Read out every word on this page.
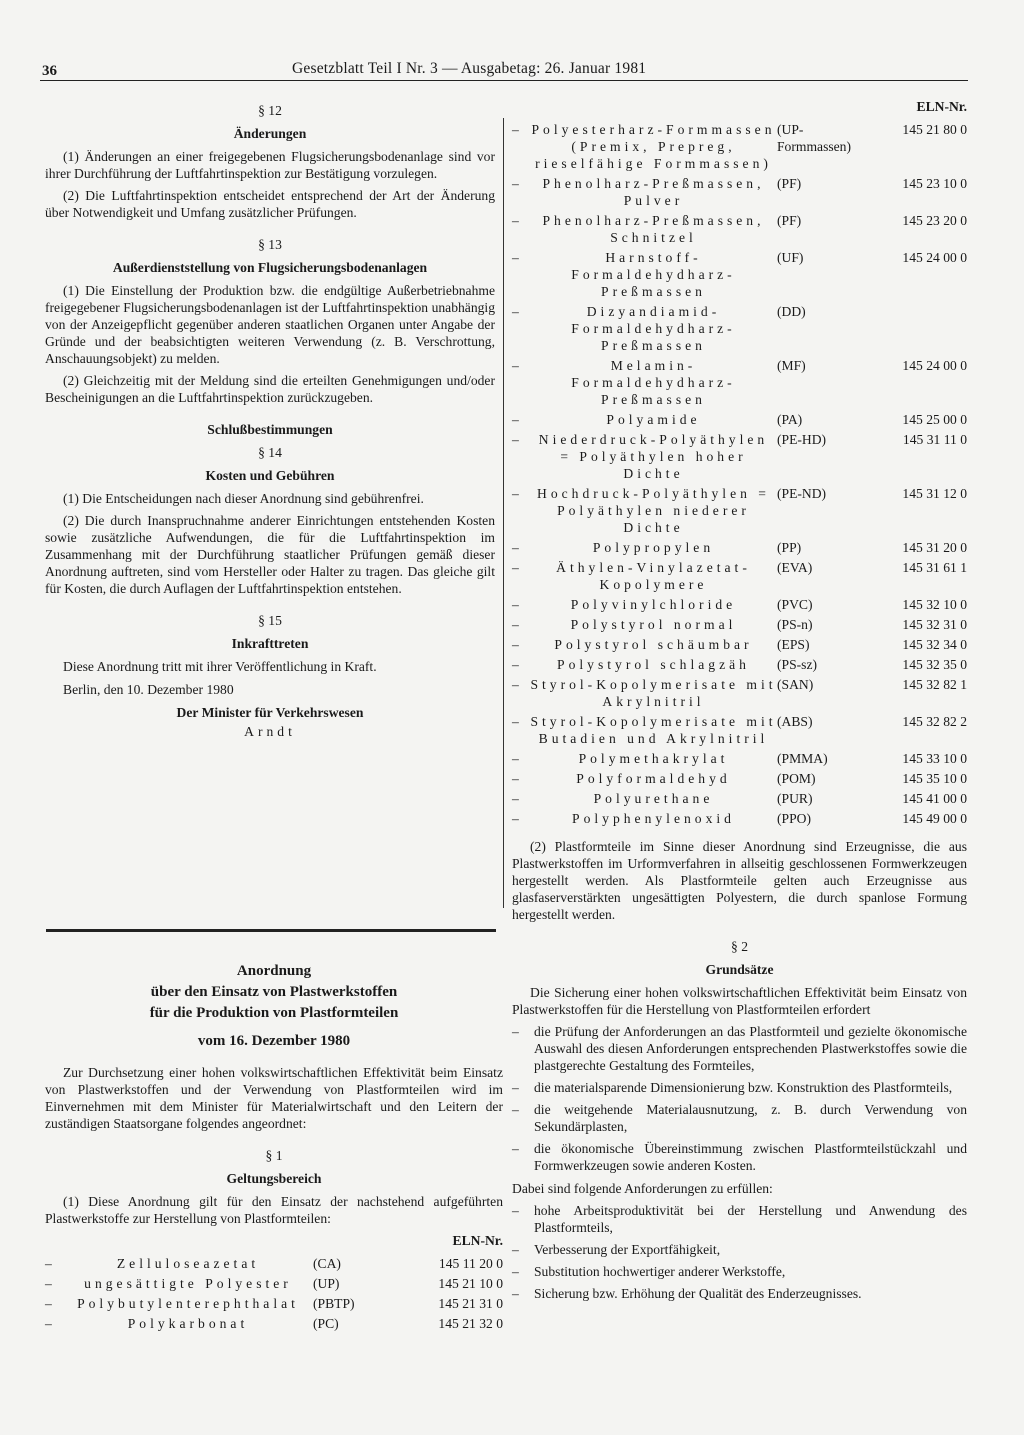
36	Gesetzblatt Teil I Nr. 3 — Ausgabetag: 26. Januar 1981
§ 12
Änderungen

(1) Änderungen an einer freigegebenen Flugsicherungsbodenanlage sind vor ihrer Durchführung der Luftfahrtinspektion zur Bestätigung vorzulegen.

(2) Die Luftfahrtinspektion entscheidet entsprechend der Art der Änderung über Notwendigkeit und Umfang zusätzlicher Prüfungen.

§ 13
Außerdienststellung von Flugsicherungsbodenanlagen

(1) Die Einstellung der Produktion bzw. die endgültige Außerbetriebnahme freigegebener Flugsicherungsbodenanlagen ist der Luftfahrtinspektion unabhängig von der Anzeigepflicht gegenüber anderen staatlichen Organen unter Angabe der Gründe und der beabsichtigten weiteren Verwendung (z. B. Verschrottung, Anschauungsobjekt) zu melden.

(2) Gleichzeitig mit der Meldung sind die erteilten Genehmigungen und/oder Bescheinigungen an die Luftfahrtinspektion zurückzugeben.

Schlußbestimmungen
§ 14
Kosten und Gebühren

(1) Die Entscheidungen nach dieser Anordnung sind gebührenfrei.

(2) Die durch Inanspruchnahme anderer Einrichtungen entstehenden Kosten sowie zusätzliche Aufwendungen, die für die Luftfahrtinspektion im Zusammenhang mit der Durchführung staatlicher Prüfungen gemäß dieser Anordnung auftreten, sind vom Hersteller oder Halter zu tragen. Das gleiche gilt für Kosten, die durch Auflagen der Luftfahrtinspektion entstehen.

§ 15
Inkrafttreten

Diese Anordnung tritt mit ihrer Veröffentlichung in Kraft.

Berlin, den 10. Dezember 1980
Der Minister für Verkehrswesen
Arndt
Anordnung
über den Einsatz von Plastwerkstoffen
für die Produktion von Plastformteilen
vom 16. Dezember 1980

Zur Durchsetzung einer hohen volkswirtschaftlichen Effektivität beim Einsatz von Plastwerkstoffen und der Verwendung von Plastformteilen wird im Einvernehmen mit dem Minister für Materialwirtschaft und den Leitern der zuständigen Staatsorgane folgendes angeordnet:

§ 1
Geltungsbereich

(1) Diese Anordnung gilt für den Einsatz der nachstehend aufgeführten Plastwerkstoffe zur Herstellung von Plastformteilen:

ELN-Nr.
–	Zelluloseazetat	(CA)	145 11 20 0
–	ungesättigte Polyester	(UP)	145 21 10 0
–	Polybutylenterephthalat	(PBTP)	145 21 31 0
–	Polykarbonat	(PC)	145 21 32 0
ELN-Nr.
–	Polyesterharz-Formmassen (Premix, Prepreg, rieselfähige Formmassen)	(UP-Formmassen)	145 21 80 0
–	Phenolharz-Preßmassen, Pulver	(PF)	145 23 10 0
–	Phenolharz-Preßmassen, Schnitzel	(PF)	145 23 20 0
–	Harnstoff-Formaldehydharz-Preßmassen	(UF)	145 24 00 0
–	Dizyandiamid-Formaldehydharz-Preßmassen	(DD)	
–	Melamin-Formaldehydharz-Preßmassen	(MF)	145 24 00 0
–	Polyamide	(PA)	145 25 00 0
–	Niederdruck-Polyäthylen = Polyäthylen hoher Dichte	(PE-HD)	145 31 11 0
–	Hochdruck-Polyäthylen = Polyäthylen niederer Dichte	(PE-ND)	145 31 12 0
–	Polypropylen	(PP)	145 31 20 0
–	Äthylen-Vinylazetat-Kopolymere	(EVA)	145 31 61 1
–	Polyvinylchloride	(PVC)	145 32 10 0
–	Polystyrol normal	(PS-n)	145 32 31 0
–	Polystyrol schäumbar	(EPS)	145 32 34 0
–	Polystyrol schlagzäh	(PS-sz)	145 32 35 0
–	Styrol-Kopolymerisate mit Akrylnitril	(SAN)	145 32 82 1
–	Styrol-Kopolymerisate mit Butadien und Akrylnitril	(ABS)	145 32 82 2
–	Polymethakrylat	(PMMA)	145 33 10 0
–	Polyformaldehyd	(POM)	145 35 10 0
–	Polyurethane	(PUR)	145 41 00 0
–	Polyphenylenoxid	(PPO)	145 49 00 0

(2) Plastformteile im Sinne dieser Anordnung sind Erzeugnisse, die aus Plastwerkstoffen im Urformverfahren in allseitig geschlossenen Formwerkzeugen hergestellt werden. Als Plastformteile gelten auch Erzeugnisse aus glasfaserverstärkten ungesättigten Polyestern, die durch spanlose Formung hergestellt werden.

§ 2
Grundsätze

Die Sicherung einer hohen volkswirtschaftlichen Effektivität beim Einsatz von Plastwerkstoffen für die Herstellung von Plastformteilen erfordert

– die Prüfung der Anforderungen an das Plastformteil und gezielte ökonomische Auswahl des diesen Anforderungen entsprechenden Plastwerkstoffes sowie die plastgerechte Gestaltung des Formteiles,
– die materialsparende Dimensionierung bzw. Konstruktion des Plastformteils,
– die weitgehende Materialausnutzung, z. B. durch Verwendung von Sekundärplasten,
– die ökonomische Übereinstimmung zwischen Plastformteilstückzahl und Formwerkzeugen sowie anderen Kosten.

Dabei sind folgende Anforderungen zu erfüllen:

– hohe Arbeitsproduktivität bei der Herstellung und Anwendung des Plastformteils,
– Verbesserung der Exportfähigkeit,
– Substitution hochwertiger anderer Werkstoffe,
– Sicherung bzw. Erhöhung der Qualität des Enderzeugnisses.
